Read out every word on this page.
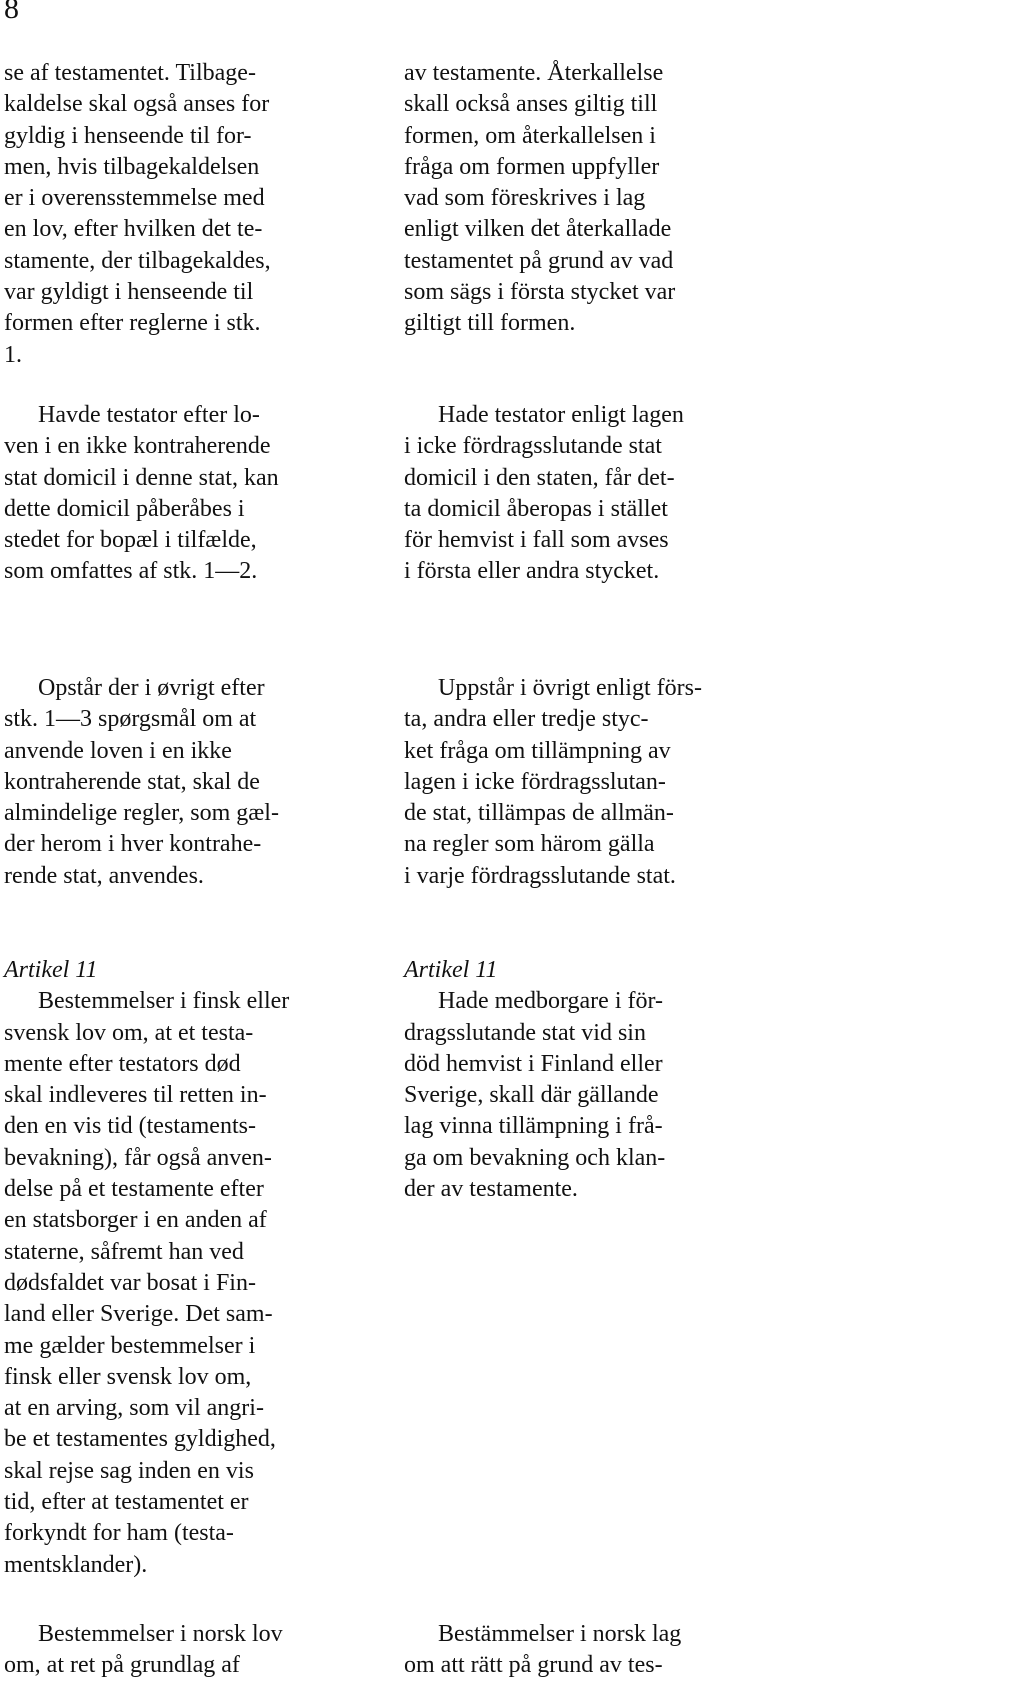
8
se af testamentet. Tilbage-
kaldelse skal også anses for
gyldig i henseende til for-
men, hvis tilbagekaldelsen
er i overensstemmelse med
en lov, efter hvilken det te-
stamente, der tilbagekaldes,
var gyldigt i henseende til
formen efter reglerne i stk.
1.
Havde testator efter lo-
ven i en ikke kontraherende
stat domicil i denne stat, kan
dette domicil påberåbes i
stedet for bopæl i tilfælde,
som omfattes af stk. 1—2.
Opstår der i øvrigt efter
stk. 1—3 spørgsmål om at
anvende loven i en ikke
kontraherende stat, skal de
almindelige regler, som gæl-
der herom i hver kontrahe-
rende stat, anvendes.
Artikel 11
Bestemmelser i finsk eller
svensk lov om, at et testa-
mente efter testators død
skal indleveres til retten in-
den en vis tid (testaments-
bevakning), får også anven-
delse på et testamente efter
en statsborger i en anden af
staterne, såfremt han ved
dødsfaldet var bosat i Fin-
land eller Sverige. Det sam-
me gælder bestemmelser i
finsk eller svensk lov om,
at en arving, som vil angri-
be et testamentes gyldighed,
skal rejse sag inden en vis
tid, efter at testamentet er
forkyndt for ham (testa-
mentsklander).
Bestemmelser i norsk lov
om, at ret på grundlag af
av testamente. Återkallelse
skall också anses giltig till
formen, om återkallelsen i
fråga om formen uppfyller
vad som föreskrives i lag
enligt vilken det återkallade
testamentet på grund av vad
som sägs i första stycket var
giltigt till formen.
Hade testator enligt lagen
i icke fördragsslutande stat
domicil i den staten, får det-
ta domicil åberopas i stället
för hemvist i fall som avses
i första eller andra stycket.
Uppstår i övrigt enligt förs-
ta, andra eller tredje styc-
ket fråga om tillämpning av
lagen i icke fördragsslutan-
de stat, tillämpas de allmän-
na regler som härom gälla
i varje fördragsslutande stat.
Artikel 11
Hade medborgare i för-
dragsslutande stat vid sin
död hemvist i Finland eller
Sverige, skall där gällande
lag vinna tillämpning i frå-
ga om bevakning och klan-
der av testamente.
Bestämmelser i norsk lag
om att rätt på grund av tes-
